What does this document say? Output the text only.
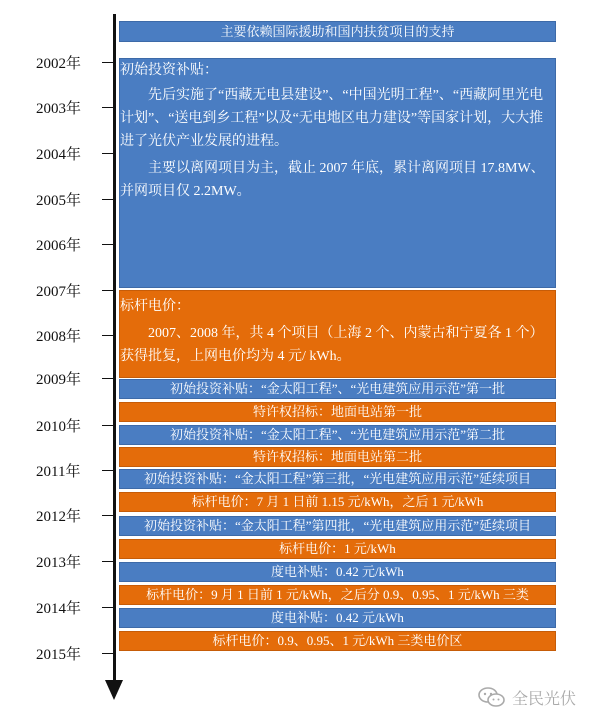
2002年
2003年
2004年
2005年
2006年
2007年
2008年
2009年
2010年
2011年
2012年
2013年
2014年
2015年
主要依赖国际援助和国内扶贫项目的支持

初始投资补贴：

先后实施了“西藏无电县建设”、“中国光明工程”、“西藏阿里光电计划”、“送电到乡工程”以及“无电地区电力建设”等国家计划，大大推进了光伏产业发展的进程。

主要以离网项目为主，截止 2007 年底，累计离网项目 17.8MW、并网项目仅 2.2MW。

标杆电价：

2007、2008 年，共 4 个项目（上海 2 个、内蒙古和宁夏各 1 个）获得批复，上网电价均为 4 元/ kWh。

初始投资补贴：“金太阳工程”、“光电建筑应用示范”第一批
特许权招标：地面电站第一批
初始投资补贴：“金太阳工程”、“光电建筑应用示范”第二批
特许权招标：地面电站第二批
初始投资补贴：“金太阳工程”第三批，“光电建筑应用示范”延续项目
标杆电价：7 月 1 日前 1.15 元/kWh，之后 1 元/kWh
初始投资补贴：“金太阳工程”第四批，“光电建筑应用示范”延续项目
标杆电价：1 元/kWh
度电补贴：0.42 元/kWh
标杆电价：9 月 1 日前 1 元/kWh，之后分 0.9、0.95、1 元/kWh 三类
度电补贴：0.42 元/kWh
标杆电价：0.9、0.95、1 元/kWh 三类电价区
全民光伏
